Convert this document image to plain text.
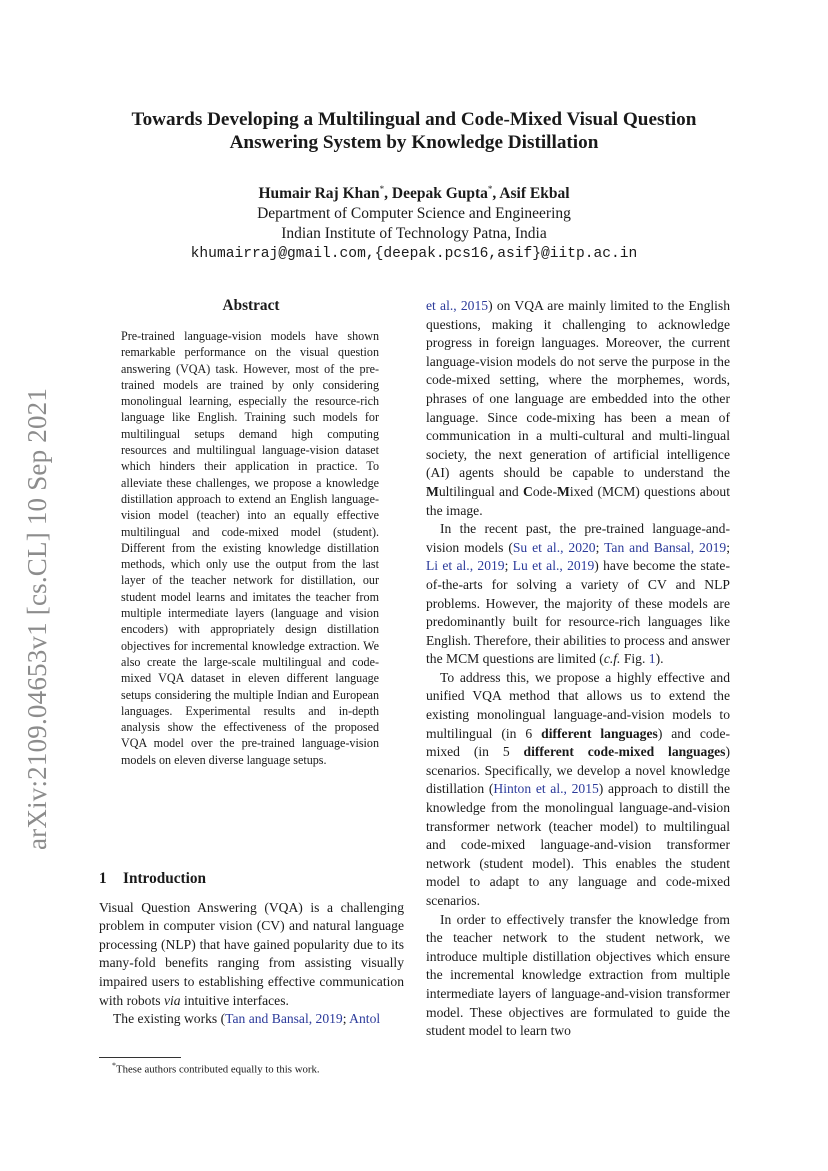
arXiv:2109.04653v1 [cs.CL] 10 Sep 2021
Towards Developing a Multilingual and Code-Mixed Visual Question
Answering System by Knowledge Distillation
Humair Raj Khan*, Deepak Gupta*, Asif Ekbal
Department of Computer Science and Engineering
Indian Institute of Technology Patna, India
khumairraj@gmail.com,{deepak.pcs16,asif}@iitp.ac.in
Abstract
Pre-trained language-vision models have shown remarkable performance on the visual question answering (VQA) task. However, most of the pre-trained models are trained by only considering monolingual learning, especially the resource-rich language like English. Training such models for multilingual setups demand high computing resources and multilingual language-vision dataset which hinders their application in practice. To alleviate these challenges, we propose a knowledge distillation approach to extend an English language-vision model (teacher) into an equally effective multilingual and code-mixed model (student). Different from the existing knowledge distillation methods, which only use the output from the last layer of the teacher network for distillation, our student model learns and imitates the teacher from multiple intermediate layers (language and vision encoders) with appropriately design distillation objectives for incremental knowledge extraction. We also create the large-scale multilingual and code-mixed VQA dataset in eleven different language setups considering the multiple Indian and European languages. Experimental results and in-depth analysis show the effectiveness of the proposed VQA model over the pre-trained language-vision models on eleven diverse language setups.
1 Introduction

Visual Question Answering (VQA) is a challenging problem in computer vision (CV) and natural language processing (NLP) that have gained popularity due to its many-fold benefits ranging from assisting visually impaired users to establishing effective communication with robots via intuitive interfaces.

The existing works (Tan and Bansal, 2019; Antol

*These authors contributed equally to this work.

et al., 2015) on VQA are mainly limited to the English questions, making it challenging to acknowledge progress in foreign languages. Moreover, the current language-vision models do not serve the purpose in the code-mixed setting, where the morphemes, words, phrases of one language are embedded into the other language. Since code-mixing has been a mean of communication in a multi-cultural and multi-lingual society, the next generation of artificial intelligence (AI) agents should be capable to understand the Multilingual and Code-Mixed (MCM) questions about the image.

In the recent past, the pre-trained language-and-vision models (Su et al., 2020; Tan and Bansal, 2019; Li et al., 2019; Lu et al., 2019) have become the state-of-the-arts for solving a variety of CV and NLP problems. However, the majority of these models are predominantly built for resource-rich languages like English. Therefore, their abilities to process and answer the MCM questions are limited (c.f. Fig. 1).

To address this, we propose a highly effective and unified VQA method that allows us to extend the existing monolingual language-and-vision models to multilingual (in 6 different languages) and code-mixed (in 5 different code-mixed languages) scenarios. Specifically, we develop a novel knowledge distillation (Hinton et al., 2015) approach to distill the knowledge from the monolingual language-and-vision transformer network (teacher model) to multilingual and code-mixed language-and-vision transformer network (student model). This enables the student model to adapt to any language and code-mixed scenarios.

In order to effectively transfer the knowledge from the teacher network to the student network, we introduce multiple distillation objectives which ensure the incremental knowledge extraction from multiple intermediate layers of language-and-vision transformer model. These objectives are formulated to guide the student model to learn two
